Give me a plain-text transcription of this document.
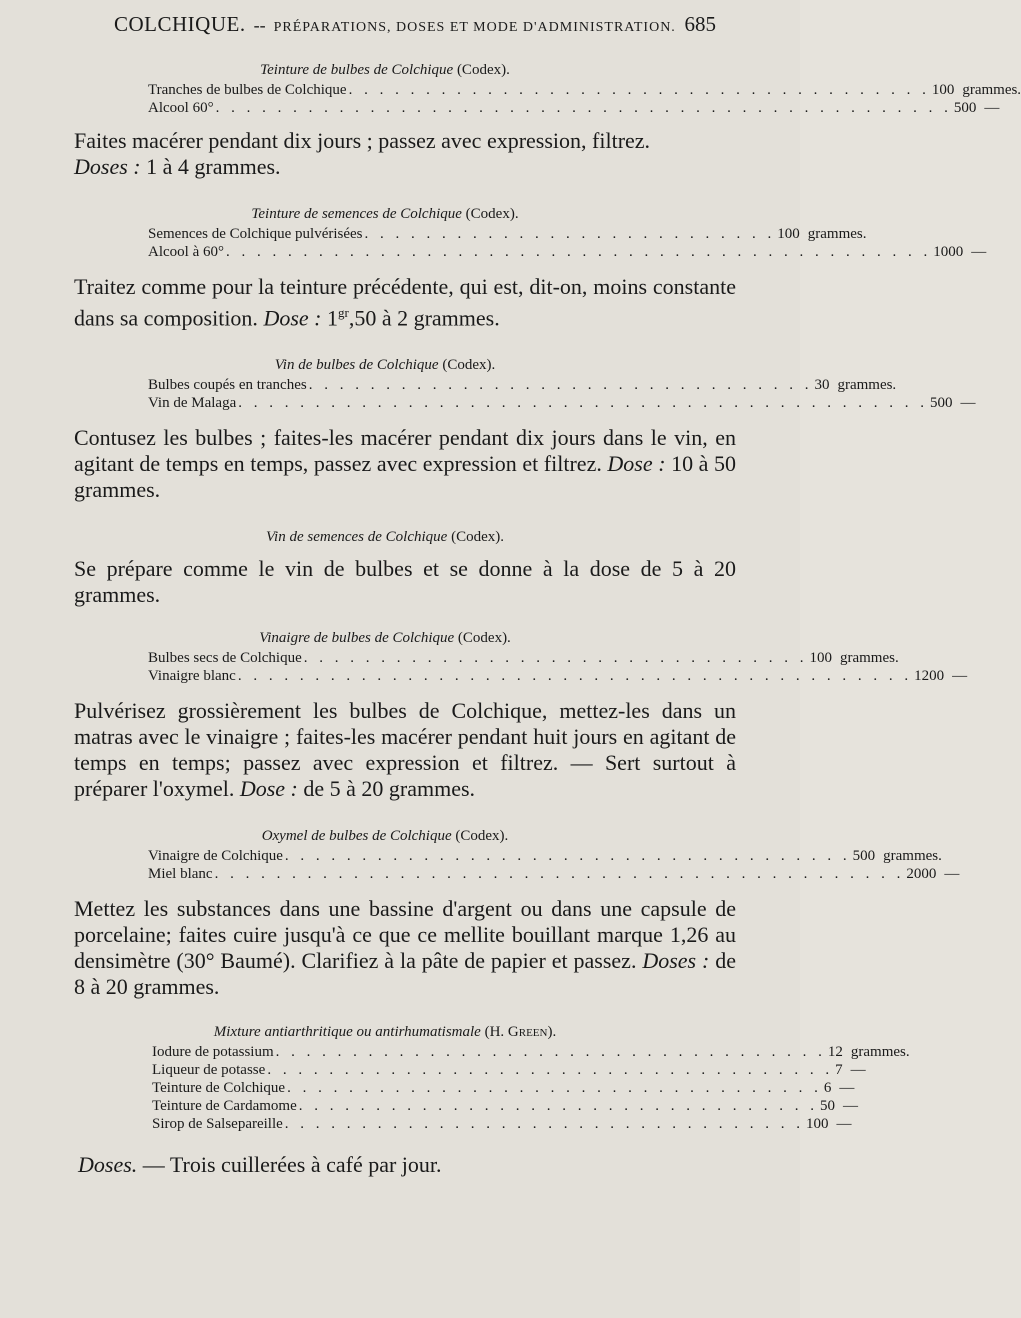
COLCHIQUE. -- PRÉPARATIONS, DOSES ET MODE D'ADMINISTRATION. 685
Teinture de bulbes de Colchique (Codex).
Tranches de bulbes de Colchique . . . . . . . . . . . . . . . . . . . . . . . . . . . . . . . . . . . . . . 100 grammes.
Alcool 60° . . . . . . . . . . . . . . . . . . . . . . . . . . . . . . . . . . . . . . . . . . . . . . . . 500 —
Faites macérer pendant dix jours ; passez avec expression, filtrez.
Doses : 1 à 4 grammes.
Teinture de semences de Colchique (Codex).
Semences de Colchique pulvérisées . . . . . . . . . . . . . . . . . . . . . . . . . . . 100 grammes.
Alcool à 60° . . . . . . . . . . . . . . . . . . . . . . . . . . . . . . . . . . . . . . . . . . . . . . 1000 —
Traitez comme pour la teinture précédente, qui est, dit-on, moins constante dans sa composition. Dose : $1^{gr},50$ à 2 grammes.
Vin de bulbes de Colchique (Codex).
Bulbes coupés en tranches . . . . . . . . . . . . . . . . . . . . . . . . . . . . . . . . . 30 grammes.
Vin de Malaga . . . . . . . . . . . . . . . . . . . . . . . . . . . . . . . . . . . . . . . . . . . . . 500 —
Contusez les bulbes ; faites-les macérer pendant dix jours dans le vin, en agitant de temps en temps, passez avec expression et filtrez. Dose : 10 à 50 grammes.
Vin de semences de Colchique (Codex).
Se prépare comme le vin de bulbes et se donne à la dose de 5 à 20 grammes.
Vinaigre de bulbes de Colchique (Codex).
Bulbes secs de Colchique . . . . . . . . . . . . . . . . . . . . . . . . . . . . . . . . . 100 grammes.
Vinaigre blanc . . . . . . . . . . . . . . . . . . . . . . . . . . . . . . . . . . . . . . . . . . . . 1200 —
Pulvérisez grossièrement les bulbes de Colchique, mettez-les dans un matras avec le vinaigre ; faites-les macérer pendant huit jours en agitant de temps en temps; passez avec expression et filtrez. — Sert surtout à préparer l'oxymel. Dose : de 5 à 20 grammes.
Oxymel de bulbes de Colchique (Codex).
Vinaigre de Colchique . . . . . . . . . . . . . . . . . . . . . . . . . . . . . . . . . . . . . 500 grammes.
Miel blanc . . . . . . . . . . . . . . . . . . . . . . . . . . . . . . . . . . . . . . . . . . . . . 2000 —
Mettez les substances dans une bassine d'argent ou dans une capsule de porcelaine; faites cuire jusqu'à ce que ce mellite bouillant marque 1,26 au densimètre (30° Baumé). Clarifiez à la pâte de papier et passez. Doses : de 8 à 20 grammes.
Mixture antiarthritique ou antirhumatismale (H. Green).
Iodure de potassium . . . . . . . . . . . . . . . . . . . . . . . . . . . . . . . . . . . . 12 grammes.
Liqueur de potasse . . . . . . . . . . . . . . . . . . . . . . . . . . . . . . . . . . . . . 7 —
Teinture de Colchique . . . . . . . . . . . . . . . . . . . . . . . . . . . . . . . . . . . 6 —
Teinture de Cardamome . . . . . . . . . . . . . . . . . . . . . . . . . . . . . . . . . . 50 —
Sirop de Salsepareille . . . . . . . . . . . . . . . . . . . . . . . . . . . . . . . . . . 100 —
Doses. — Trois cuillerées à café par jour.
